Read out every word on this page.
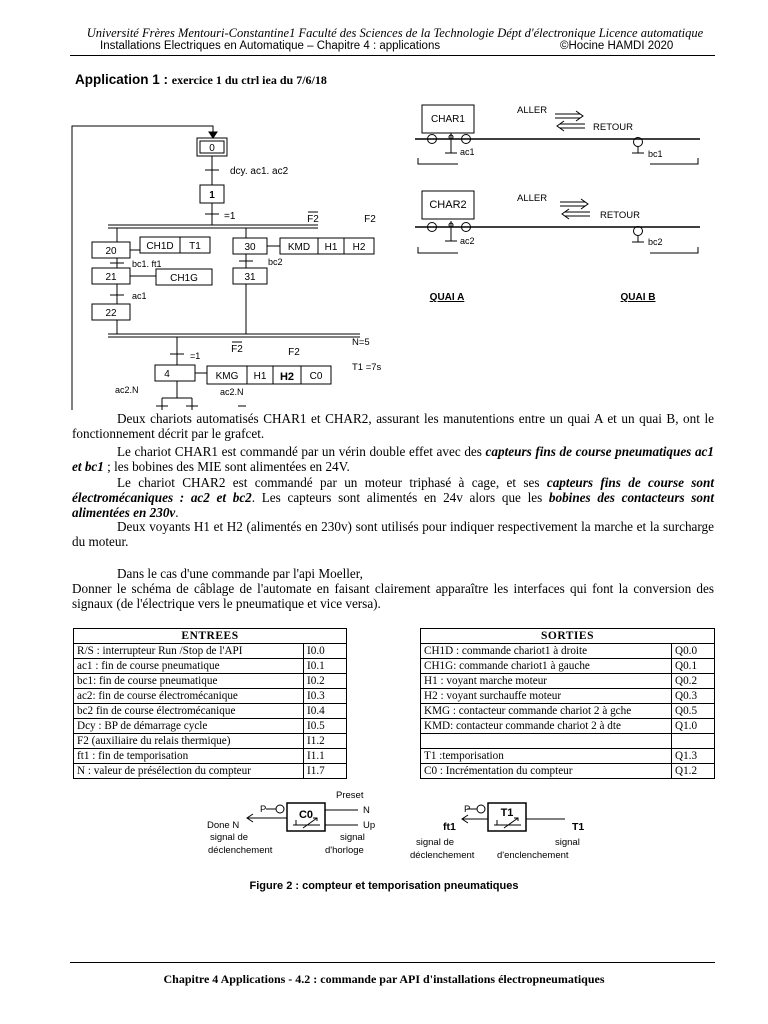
Université Frères Mentouri-Constantine1 Faculté des Sciences de la Technologie Dépt d'électronique Licence automatique
Installations Electriques en Automatique – Chapitre 4 : applications	©Hocine HAMDI 2020
Application 1 : exercice 1 du ctrl iea du 7/6/18
0
1
dcy. ac1. ac2
=1
20	CH1D T1
bc1. ft1
21	CH1G
ac1
22
30	KMD H1 H2
F2	F2
bc2
31
=1
4	KMG H1 H2 C0
F2	F2
ac2.N	ac2.N
N=5
T1 =7s
CHAR1
ALLER
RETOUR
ac1	bc1
CHAR2
ALLER
RETOUR
ac2	bc2
QUAI A	QUAI B
Deux chariots automatisés CHAR1 et CHAR2, assurant les manutentions entre un quai A et un quai B, ont le fonctionnement décrit par le grafcet.
Le chariot CHAR1 est commandé par un vérin double effet avec des capteurs fins de course pneumatiques ac1 et bc1 ; les bobines des MIE sont alimentées en 24V.
Le chariot CHAR2 est commandé par un moteur triphasé à cage, et ses capteurs fins de course sont électromécaniques : ac2 et bc2. Les capteurs sont alimentés en 24v alors que les bobines des contacteurs sont alimentées en 230v.
Deux voyants H1 et H2 (alimentés en 230v) sont utilisés pour indiquer respectivement la marche et la surcharge du moteur.
Dans le cas d'une commande par l'api Moeller,
Donner le schéma de câblage de l'automate en faisant clairement apparaître les interfaces qui font la conversion des signaux (de l'électrique vers le pneumatique et vice versa).
ENTREES	
R/S : interrupteur Run /Stop de l'API	I0.0
ac1 : fin de course pneumatique	I0.1
bc1: fin de course pneumatique	I0.2
ac2: fin de course électromécanique	I0.3
bc2 fin de course électromécanique	I0.4
Dcy : BP de démarrage cycle	I0.5
F2 (auxiliaire du relais thermique)	I1.2
ft1 : fin de temporisation	I1.1
N : valeur de présélection du compteur	I1.7
SORTIES	
CH1D : commande chariot1 à droite	Q0.0
CH1G: commande chariot1 à gauche	Q0.1
H1 : voyant marche moteur	Q0.2
H2 : voyant surchauffe moteur	Q0.3
KMG : contacteur commande chariot 2 à gche	Q0.5
KMD: contacteur commande chariot 2 à dte	Q1.0

T1 :temporisation	Q1.3
C0 : Incrémentation du compteur	Q1.2
P
Preset
N
Up
C0
Done N
signal de
déclenchement
signal
d'horloge
P	T1
ft1	T1
signal de
déclenchement
signal
d'enclenchement
Figure 2 : compteur et temporisation pneumatiques
Chapitre 4 Applications - 4.2 : commande par API d'installations électropneumatiques
